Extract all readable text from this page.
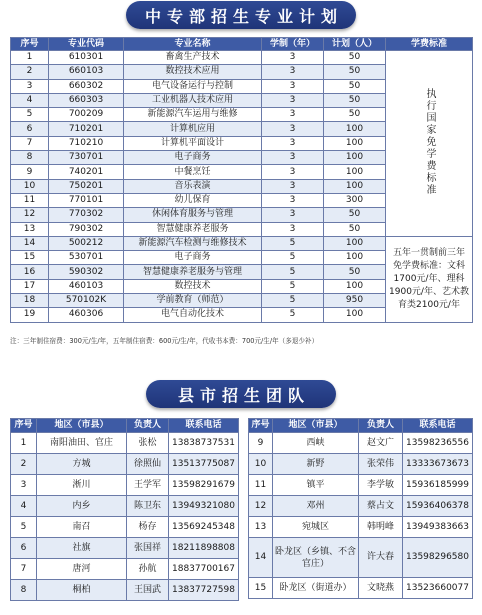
中专部招生专业计划
序号	专业代码	专业名称	学制（年）	计划（人）	学费标准
1	610301	畜禽生产技术	3	50	执行国家免学费标准
2	660103	数控技术应用	3	50	
3	660302	电气设备运行与控制	3	50	
4	660303	工业机器人技术应用	3	50	
5	700209	新能源汽车运用与维修	3	50	
6	710201	计算机应用	3	100	
7	710210	计算机平面设计	3	100	
8	730701	电子商务	3	100	
9	740201	中餐烹饪	3	100	
10	750201	音乐表演	3	100	
11	770101	幼儿保育	3	300	
12	770302	休闲体育服务与管理	3	50	
13	790302	智慧健康养老服务	3	50	
14	500212	新能源汽车检测与维修技术	5	100	五年一贯制前三年免学费标准：文科1700元/年、理科1900元/年、艺术教育类2100元/年

15	530701	电子商务	5	100	
16	590302	智慧健康养老服务与管理	5	50	
17	460103	数控技术	5	100	
18	570102K	学前教育（师范）	5	950	
19	460306	电气自动化技术	5	100	
注：三年制住宿费：300元/生/年，五年制住宿费：600元/生/年，代收书本费：700元/生/年（多退少补）
县市招生团队
序号	地区（市县）	负责人	联系电话
1	南阳油田、官庄	张松	13838737531
2	方城	徐照仙	13513775087
3	淅川	王学军	13598291679
4	内乡	陈卫东	13949321080
5	南召	杨存	13569245348
6	社旗	张国祥	18211898808
7	唐河	孙航	18837700167
8	桐柏	王国武	13837727598
序号	地区（市县）	负责人	联系电话
9	西峡	赵文广	13598236556
10	新野	张荣伟	13333673673
11	镇平	李学敏	15936185999
12	邓州	蔡占文	15936406378
13	宛城区	韩明峰	13949383663
14	卧龙区（乡镇、不含官庄）	许大春	13598296580
15	卧龙区（街道办）	文晓燕	13523660077
